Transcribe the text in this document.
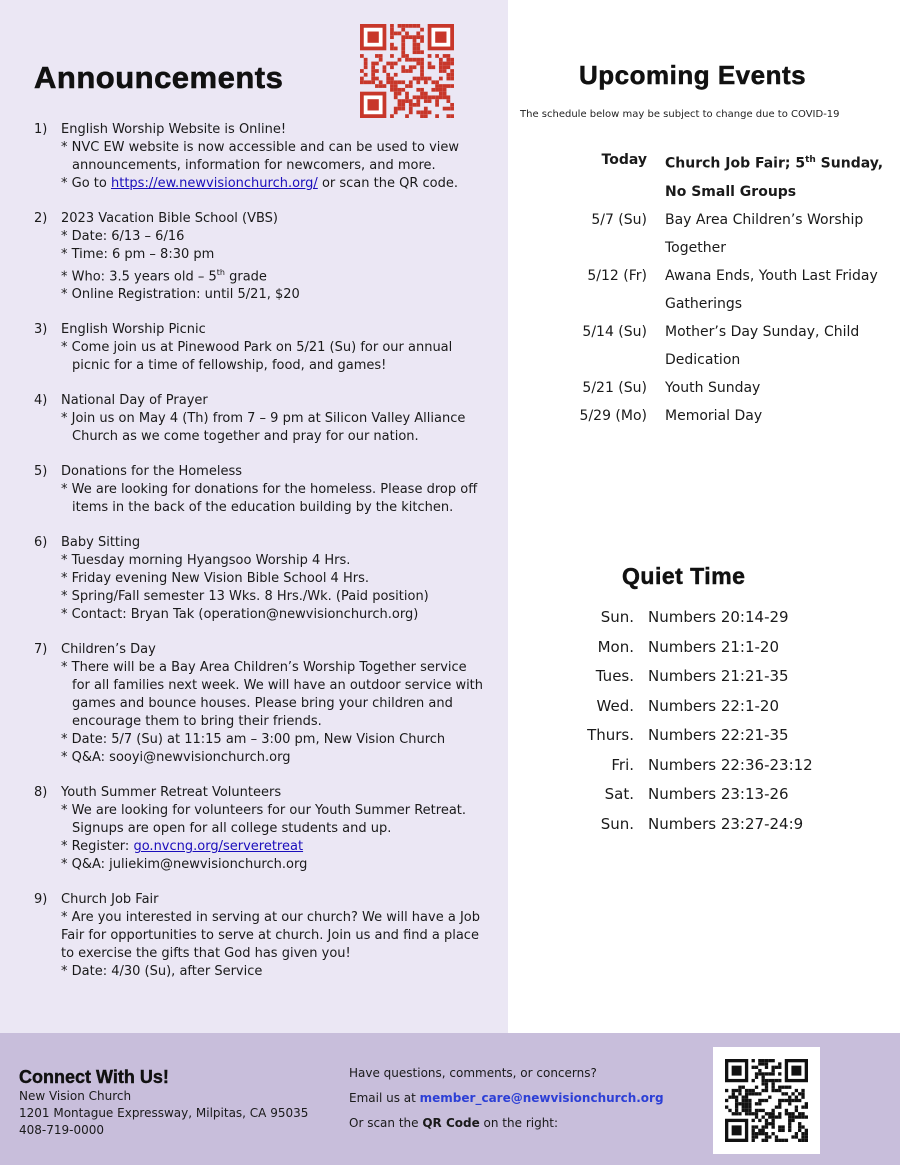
Announcements
1)	English Worship Website is Online!
* NVC EW website is now accessible and can be used to view
announcements, information for newcomers, and more.
* Go to https://ew.newvisionchurch.org/ or scan the QR code.
2)	2023 Vacation Bible School (VBS)
* Date: 6/13 – 6/16
* Time: 6 pm – 8:30 pm
* Who: 3.5 years old – 5th grade
* Online Registration: until 5/21, $20
3)	English Worship Picnic
* Come join us at Pinewood Park on 5/21 (Su) for our annual
picnic for a time of fellowship, food, and games!
4)	National Day of Prayer
* Join us on May 4 (Th) from 7 – 9 pm at Silicon Valley Alliance
Church as we come together and pray for our nation.
5)	Donations for the Homeless
* We are looking for donations for the homeless. Please drop off
items in the back of the education building by the kitchen.
6)	Baby Sitting
* Tuesday morning Hyangsoo Worship 4 Hrs.
* Friday evening New Vision Bible School 4 Hrs.
* Spring/Fall semester 13 Wks. 8 Hrs./Wk. (Paid position)
* Contact: Bryan Tak (operation@newvisionchurch.org)
7)	Children’s Day
* There will be a Bay Area Children’s Worship Together service
for all families next week. We will have an outdoor service with
games and bounce houses. Please bring your children and
encourage them to bring their friends.
* Date: 5/7 (Su) at 11:15 am – 3:00 pm, New Vision Church
* Q&A: sooyi@newvisionchurch.org
8)	Youth Summer Retreat Volunteers
* We are looking for volunteers for our Youth Summer Retreat.
Signups are open for all college students and up.
* Register: go.nvcng.org/serveretreat
* Q&A: juliekim@newvisionchurch.org
9)	Church Job Fair
* Are you interested in serving at our church? We will have a Job
Fair for opportunities to serve at church. Join us and find a place
to exercise the gifts that God has given you!
* Date: 4/30 (Su), after Service
Upcoming Events
The schedule below may be subject to change due to COVID-19
Today	Church Job Fair; 5th Sunday, No Small Groups
5/7 (Su)	Bay Area Children’s Worship Together
5/12 (Fr)	Awana Ends, Youth Last Friday Gatherings
5/14 (Su)	Mother’s Day Sunday, Child Dedication
5/21 (Su)	Youth Sunday
5/29 (Mo)	Memorial Day
Quiet Time
Sun. Numbers 20:14-29
Mon. Numbers 21:1-20
Tues. Numbers 21:21-35
Wed. Numbers 22:1-20
Thurs. Numbers 22:21-35
Fri. Numbers 22:36-23:12
Sat. Numbers 23:13-26
Sun. Numbers 23:27-24:9
Connect With Us!
New Vision Church
1201 Montague Expressway, Milpitas, CA 95035
408-719-0000
Have questions, comments, or concerns?
Email us at member_care@newvisionchurch.org
Or scan the QR Code on the right:
